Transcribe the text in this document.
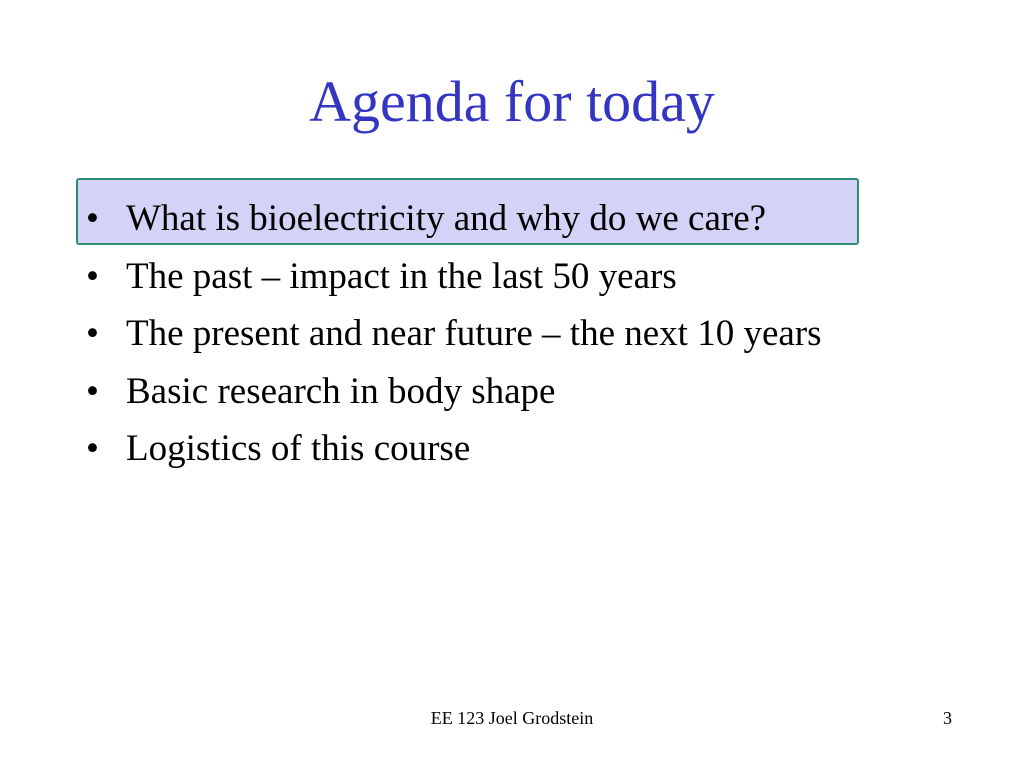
Agenda for today
• What is bioelectricity and why do we care?
• The past – impact in the last 50 years
• The present and near future – the next 10 years
• Basic research in body shape
• Logistics of this course
EE 123 Joel Grodstein	3
